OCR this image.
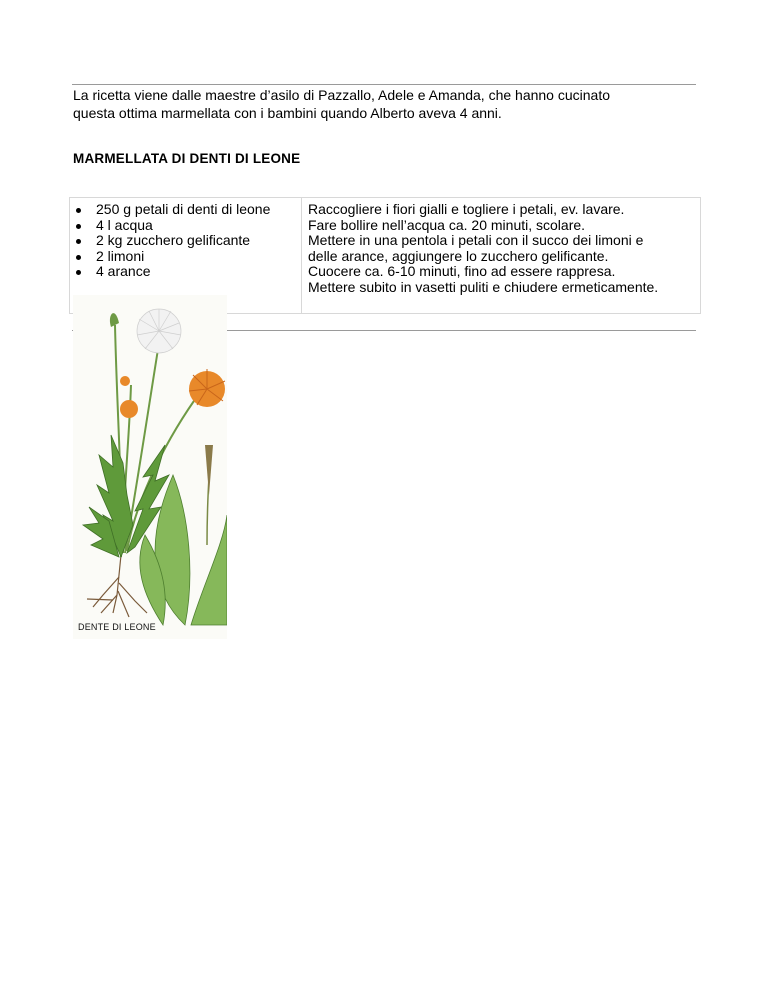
La ricetta viene dalle maestre d’asilo di Pazzallo, Adele e Amanda, che hanno cucinato
questa ottima marmellata con i bambini quando Alberto aveva 4 anni.
MARMELLATA DI DENTI DI LEONE
250 g petali di denti di leone
4 l acqua
2 kg zucchero gelificante
2 limoni
4 arance
Raccogliere i fiori gialli e togliere i petali, ev. lavare.
Fare bollire nell’acqua ca. 20 minuti, scolare.
Mettere in una pentola i petali con il succo dei limoni e
delle arance, aggiungere lo zucchero gelificante.
Cuocere ca. 6-10 minuti, fino ad essere rappresa.
Mettere subito in vasetti puliti e chiudere ermeticamente.
DENTE DI LEONE
